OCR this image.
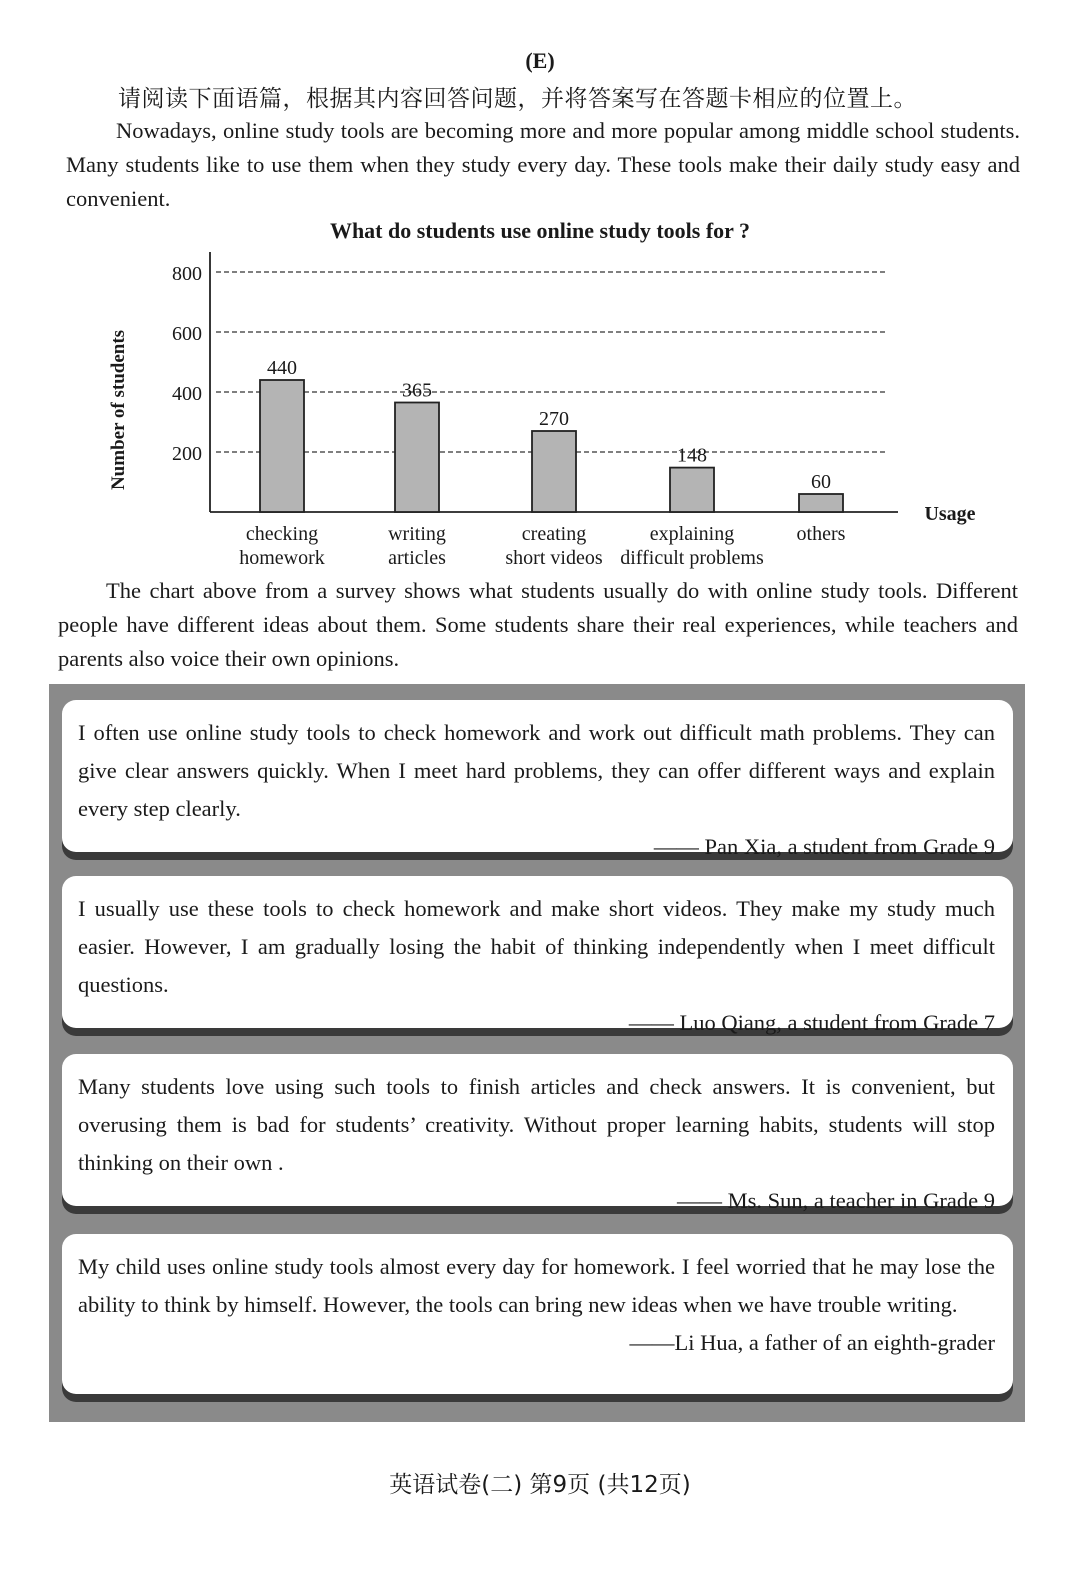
(E)
请阅读下面语篇，根据其内容回答问题，并将答案写在答题卡相应的位置上。

Nowadays, online study tools are becoming more and more popular among middle school students. Many students like to use them when they study every day. These tools make their daily study easy and convenient.

What do students use online study tools for ?
200
400
600
800
Number of students
Usage
440
checking
homework
365
writing
articles
270
creating
short videos
148
explaining
difficult problems
60
others

The chart above from a survey shows what students usually do with online study tools. Different people have different ideas about them. Some students share their real experiences, while teachers and parents also voice their own opinions.

I often use online study tools to check homework and work out difficult math problems. They can give clear answers quickly. When I meet hard problems, they can offer different ways and explain every step clearly.

—— Pan Xia, a student from Grade 9

I usually use these tools to check homework and make short videos. They make my study much easier. However, I am gradually losing the habit of thinking independently when I meet difficult questions.

—— Luo Qiang, a student from Grade 7

Many students love using such tools to finish articles and check answers. It is convenient, but overusing them is bad for students’ creativity. Without proper learning habits, students will stop thinking on their own .

—— Ms. Sun, a teacher in Grade 9

My child uses online study tools almost every day for homework. I feel worried that he may lose the ability to think by himself. However, the tools can bring new ideas when we have trouble writing.

——Li Hua, a father of an eighth-grader

英语试卷(二) 第9页 (共12页)
